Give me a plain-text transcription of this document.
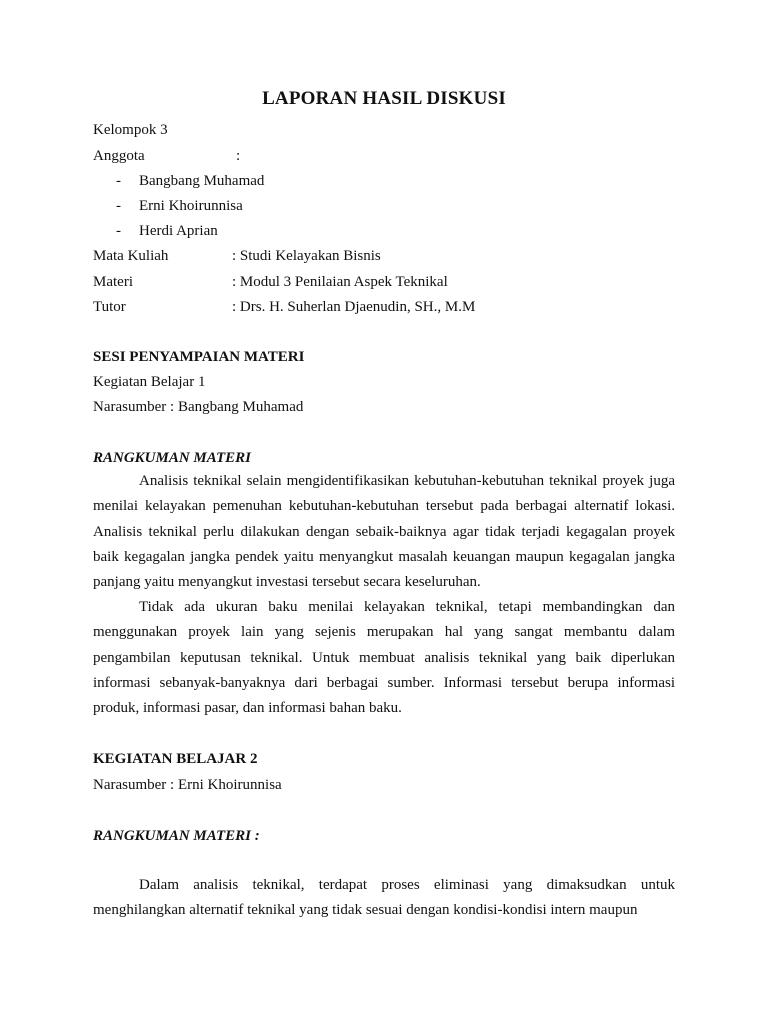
LAPORAN HASIL DISKUSI
Kelompok 3
Anggota	:
- Bangbang Muhamad
- Erni Khoirunnisa
- Herdi Aprian
Mata Kuliah	: Studi Kelayakan Bisnis
Materi	: Modul 3 Penilaian Aspek Teknikal
Tutor	: Drs. H. Suherlan Djaenudin, SH., M.M
SESI PENYAMPAIAN MATERI
Kegiatan Belajar 1
Narasumber : Bangbang Muhamad
RANGKUMAN MATERI
Analisis teknikal selain mengidentifikasikan kebutuhan-kebutuhan teknikal proyek juga menilai kelayakan pemenuhan kebutuhan-kebutuhan tersebut pada berbagai alternatif lokasi. Analisis teknikal perlu dilakukan dengan sebaik-baiknya agar tidak terjadi kegagalan proyek baik kegagalan jangka pendek yaitu menyangkut masalah keuangan maupun kegagalan jangka panjang yaitu menyangkut investasi tersebut secara keseluruhan.
Tidak ada ukuran baku menilai kelayakan teknikal, tetapi membandingkan dan menggunakan proyek lain yang sejenis merupakan hal yang sangat membantu dalam pengambilan keputusan teknikal. Untuk membuat analisis teknikal yang baik diperlukan informasi sebanyak-banyaknya dari berbagai sumber. Informasi tersebut berupa informasi produk, informasi pasar, dan informasi bahan baku.
KEGIATAN BELAJAR 2
Narasumber : Erni Khoirunnisa
RANGKUMAN MATERI :
Dalam analisis teknikal, terdapat proses eliminasi yang dimaksudkan untuk menghilangkan alternatif teknikal yang tidak sesuai dengan kondisi-kondisi intern maupun
